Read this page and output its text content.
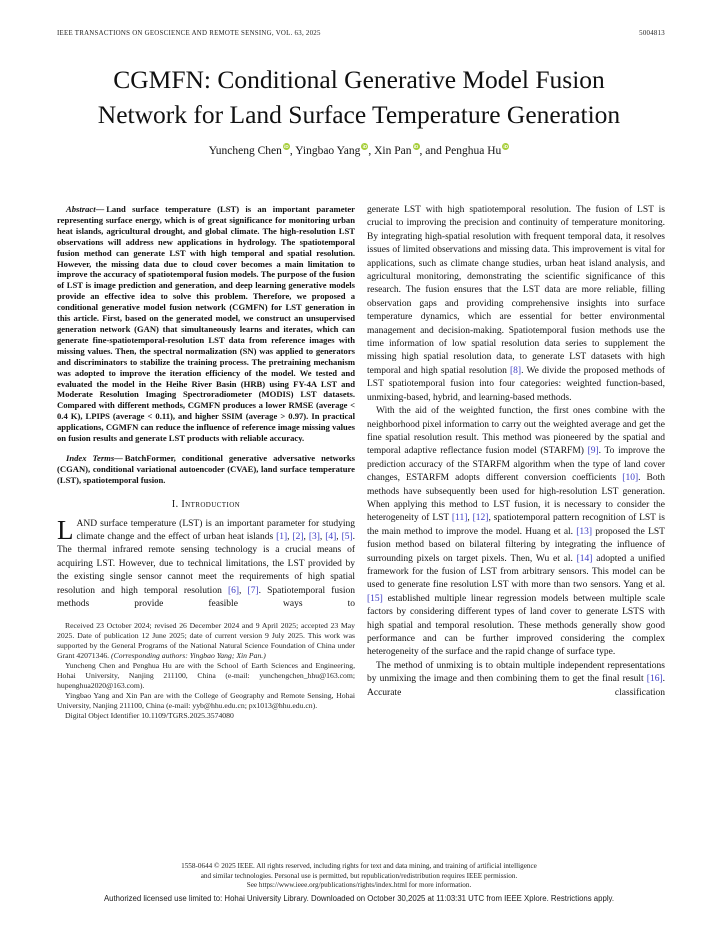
IEEE TRANSACTIONS ON GEOSCIENCE AND REMOTE SENSING, VOL. 63, 2025	5004813
CGMFN: Conditional Generative Model Fusion
Network for Land Surface Temperature Generation
Yuncheng Chen iD , Yingbao Yang iD , Xin Pan iD , and Penghua Hu iD

Abstract— Land surface temperature (LST) is an important parameter representing surface energy, which is of great significance for monitoring urban heat islands, agricultural drought, and global climate. The high-resolution LST observations will address new applications in hydrology. The spatiotemporal fusion method can generate LST with high temporal and spatial resolution. However, the missing data due to cloud cover becomes a main limitation to improve the accuracy of spatiotemporal fusion models. The purpose of the fusion of LST is image prediction and generation, and deep learning generative models provide an effective idea to solve this problem. Therefore, we proposed a conditional generative model fusion network (CGMFN) for LST generation in this article. First, based on the generated model, we construct an unsupervised generation network (GAN) that simultaneously learns and iterates, which can generate fine-spatiotemporal-resolution LST data from reference images with missing values. Then, the spectral normalization (SN) was applied to generators and discriminators to stabilize the training process. The pretraining mechanism was adopted to improve the iteration efficiency of the model. We tested and evaluated the model in the Heihe River Basin (HRB) using FY-4A LST and Moderate Resolution Imaging Spectroradiometer (MODIS) LST datasets. Compared with different methods, CGMFN produces a lower RMSE (average < 0.4 K), LPIPS (average < 0.11), and higher SSIM (average > 0.97). In practical applications, CGMFN can reduce the influence of reference image missing values on fusion results and generate LST products with reliable accuracy.

Index Terms— BatchFormer, conditional generative adversative networks (CGAN), conditional variational autoencoder (CVAE), land surface temperature (LST), spatiotemporal fusion.

I. Introduction

LAND surface temperature (LST) is an important parameter for studying climate change and the effect of urban heat islands [1], [2], [3], [4], [5]. The thermal infrared remote sensing technology is a crucial means of acquiring LST. However, due to technical limitations, the LST provided by the existing single sensor cannot meet the requirements of high spatial resolution and high temporal resolution [6], [7]. Spatiotemporal fusion methods provide feasible ways to

Received 23 October 2024; revised 26 December 2024 and 9 April 2025; accepted 23 May 2025. Date of publication 12 June 2025; date of current version 9 July 2025. This work was supported by the General Programs of the National Natural Science Foundation of China under Grant 42071346. (Corresponding authors: Yingbao Yang; Xin Pan.)

Yuncheng Chen and Penghua Hu are with the School of Earth Sciences and Engineering, Hohai University, Nanjing 211100, China (e-mail: yunchengchen_hhu@163.com; hupenghua2020@163.com).

Yingbao Yang and Xin Pan are with the College of Geography and Remote Sensing, Hohai University, Nanjing 211100, China (e-mail: yyb@hhu.edu.cn; px1013@hhu.edu.cn).

Digital Object Identifier 10.1109/TGRS.2025.3574080

generate LST with high spatiotemporal resolution. The fusion of LST is crucial to improving the precision and continuity of temperature monitoring. By integrating high-spatial resolution with frequent temporal data, it resolves issues of limited observations and missing data. This improvement is vital for applications, such as climate change studies, urban heat island analysis, and agricultural monitoring, demonstrating the scientific significance of this research. The fusion ensures that the LST data are more reliable, filling observation gaps and providing comprehensive insights into surface temperature dynamics, which are essential for better environmental management and decision-making. Spatiotemporal fusion methods use the time information of low spatial resolution data series to supplement the missing high spatial resolution data, to generate LST datasets with high temporal and high spatial resolution [8]. We divide the proposed methods of LST spatiotemporal fusion into four categories: weighted function-based, unmixing-based, hybrid, and learning-based methods.

With the aid of the weighted function, the first ones combine with the neighborhood pixel information to carry out the weighted average and get the fine spatial resolution result. This method was pioneered by the spatial and temporal adaptive reflectance fusion model (STARFM) [9]. To improve the prediction accuracy of the STARFM algorithm when the type of land cover changes, ESTARFM adopts different conversion coefficients [10]. Both methods have subsequently been used for high-resolution LST generation. When applying this method to LST fusion, it is necessary to consider the heterogeneity of LST [11], [12], spatiotemporal pattern recognition of LST is the main method to improve the model. Huang et al. [13] proposed the LST fusion method based on bilateral filtering by integrating the influence of surrounding pixels on target pixels. Then, Wu et al. [14] adopted a unified framework for the fusion of LST from arbitrary sensors. This model can be used to generate fine resolution LST with more than two sensors. Yang et al. [15] established multiple linear regression models between multiple scale factors by considering different types of land cover to generate LSTS with high spatial and temporal resolution. These methods generally show good performance and can be further improved considering the complex heterogeneity of the surface and the rapid change of surface type.

The method of unmixing is to obtain multiple independent representations by unmixing the image and then combining them to get the final result [16]. Accurate classification

1558-0644 © 2025 IEEE. All rights reserved, including rights for text and data mining, and training of artificial intelligence
and similar technologies. Personal use is permitted, but republication/redistribution requires IEEE permission.
See https://www.ieee.org/publications/rights/index.html for more information.
Authorized licensed use limited to: Hohai University Library. Downloaded on October 30,2025 at 11:03:31 UTC from IEEE Xplore. Restrictions apply.
